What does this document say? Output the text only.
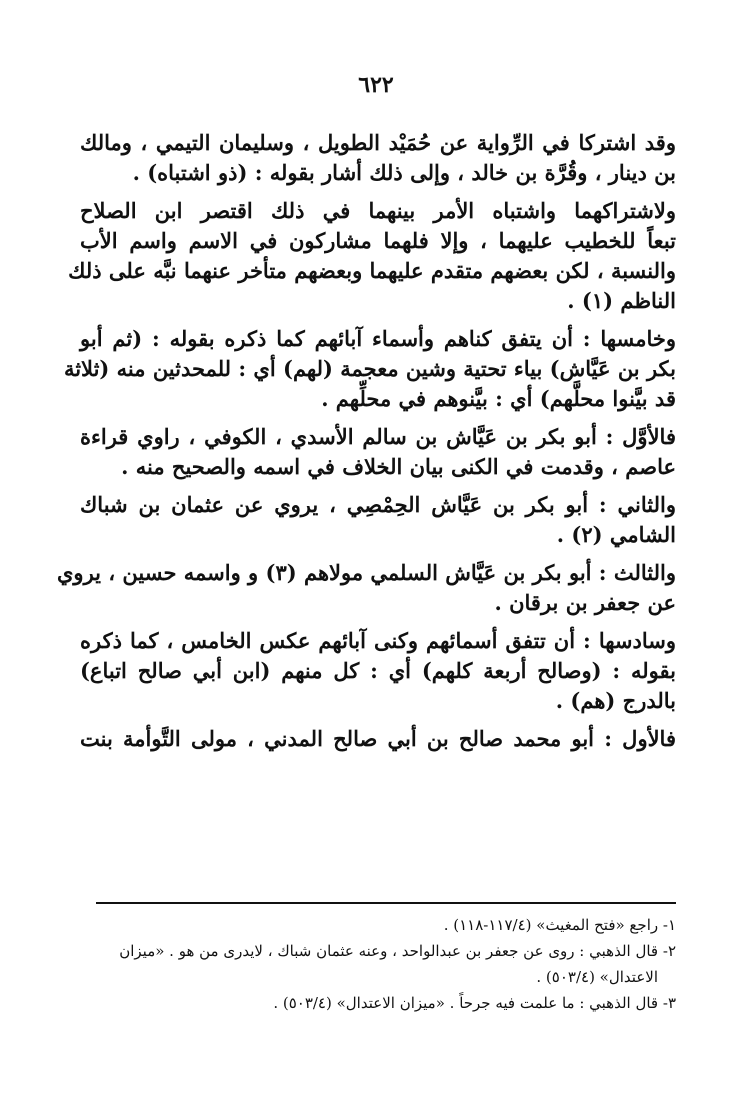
٦٢٢
وقد اشتركا في الرِّواية عن حُمَيْد الطويل ، وسليمان التيمي ، ومالك
بن دينار ، وقُرَّة بن خالد ، وإلى ذلك أشار بقوله : (ذو اشتباه) .
ولاشتراكهما واشتباه الأمر بينهما في ذلك اقتصر ابن الصلاح
تبعاً للخطيب عليهما ، وإلا فلهما مشاركون في الاسم واسم الأب
والنسبة ، لكن بعضهم متقدم عليهما وبعضهم متأخر عنهما نبَّه على ذلك
الناظم (١) .
وخامسها : أن يتفق كناهم وأسماء آبائهم كما ذكره بقوله : (ثم أبو
بكر بن عَيَّاش) بياء تحتية وشين معجمة (لهم) أي : للمحدثين منه (ثلاثة
قد بيَّنوا محلَّهم) أي : بيَّنوهم في محلِّهم .
فالأوَّل : أبو بكر بن عَيَّاش بن سالم الأسدي ، الكوفي ، راوي قراءة
عاصم ، وقدمت في الكنى بيان الخلاف في اسمه والصحيح منه .
والثاني : أبو بكر بن عَيَّاش الحِمْصِي ، يروي عن عثمان بن شباك
الشامي (٢) .
والثالث : أبو بكر بن عَيَّاش السلمي مولاهم (٣) و واسمه حسين ، يروي
عن جعفر بن برقان .
وسادسها : أن تتفق أسمائهم وكنى آبائهم عكس الخامس ، كما ذكره
بقوله : (وصالح أربعة كلهم) أي : كل منهم (ابن أبي صالح اتباع)
بالدرج (هم) .
فالأول : أبو محمد صالح بن أبي صالح المدني ، مولى التَّوأمة بنت
١- راجع «فتح المغيث» (١١٧/٤-١١٨) .
٢- قال الذهبي : روى عن جعفر بن عبدالواحد ، وعنه عثمان شباك ، لايدرى من هو . «ميزان
الاعتدال» (٥٠٣/٤) .
٣- قال الذهبي : ما علمت فيه جرحاً . «ميزان الاعتدال» (٥٠٣/٤) .
